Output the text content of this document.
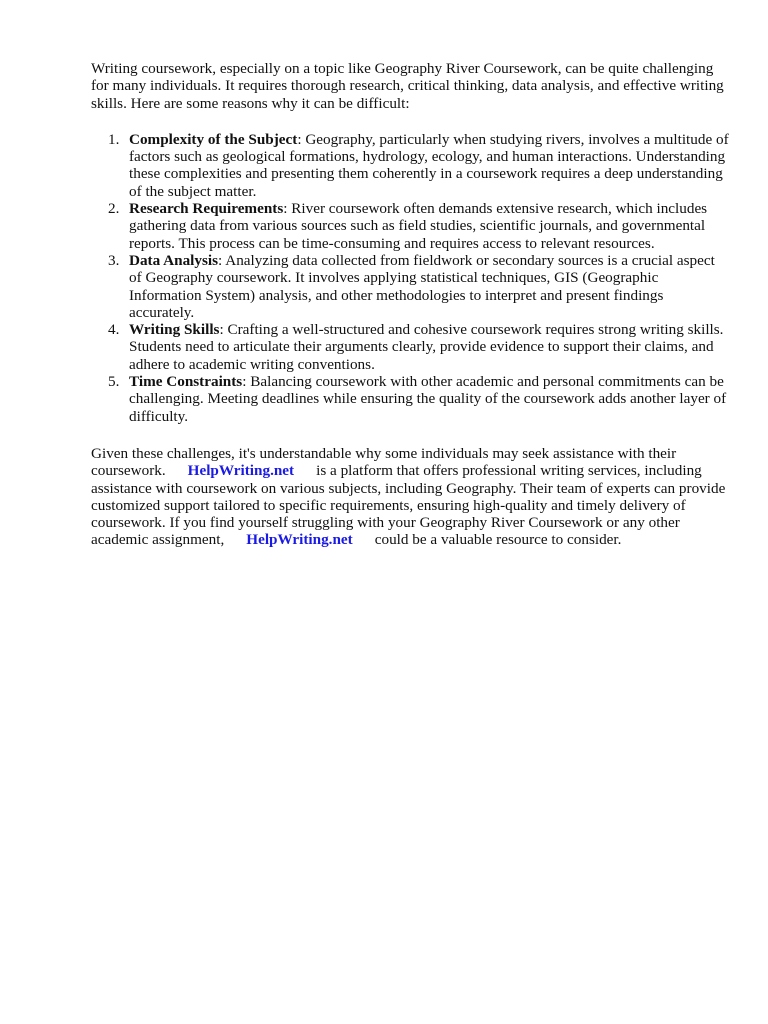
Writing coursework, especially on a topic like Geography River Coursework, can be quite challenging for many individuals. It requires thorough research, critical thinking, data analysis, and effective writing skills. Here are some reasons why it can be difficult:

1. Complexity of the Subject: Geography, particularly when studying rivers, involves a multitude of factors such as geological formations, hydrology, ecology, and human interactions. Understanding these complexities and presenting them coherently in a coursework requires a deep understanding of the subject matter.
2. Research Requirements: River coursework often demands extensive research, which includes gathering data from various sources such as field studies, scientific journals, and governmental reports. This process can be time-consuming and requires access to relevant resources.
3. Data Analysis: Analyzing data collected from fieldwork or secondary sources is a crucial aspect of Geography coursework. It involves applying statistical techniques, GIS (Geographic Information System) analysis, and other methodologies to interpret and present findings accurately.
4. Writing Skills: Crafting a well-structured and cohesive coursework requires strong writing skills. Students need to articulate their arguments clearly, provide evidence to support their claims, and adhere to academic writing conventions.
5. Time Constraints: Balancing coursework with other academic and personal commitments can be challenging. Meeting deadlines while ensuring the quality of the coursework adds another layer of difficulty.

Given these challenges, it's understandable why some individuals may seek assistance with their coursework. HelpWriting.net is a platform that offers professional writing services, including assistance with coursework on various subjects, including Geography. Their team of experts can provide customized support tailored to specific requirements, ensuring high-quality and timely delivery of coursework. If you find yourself struggling with your Geography River Coursework or any other academic assignment, HelpWriting.net could be a valuable resource to consider.
